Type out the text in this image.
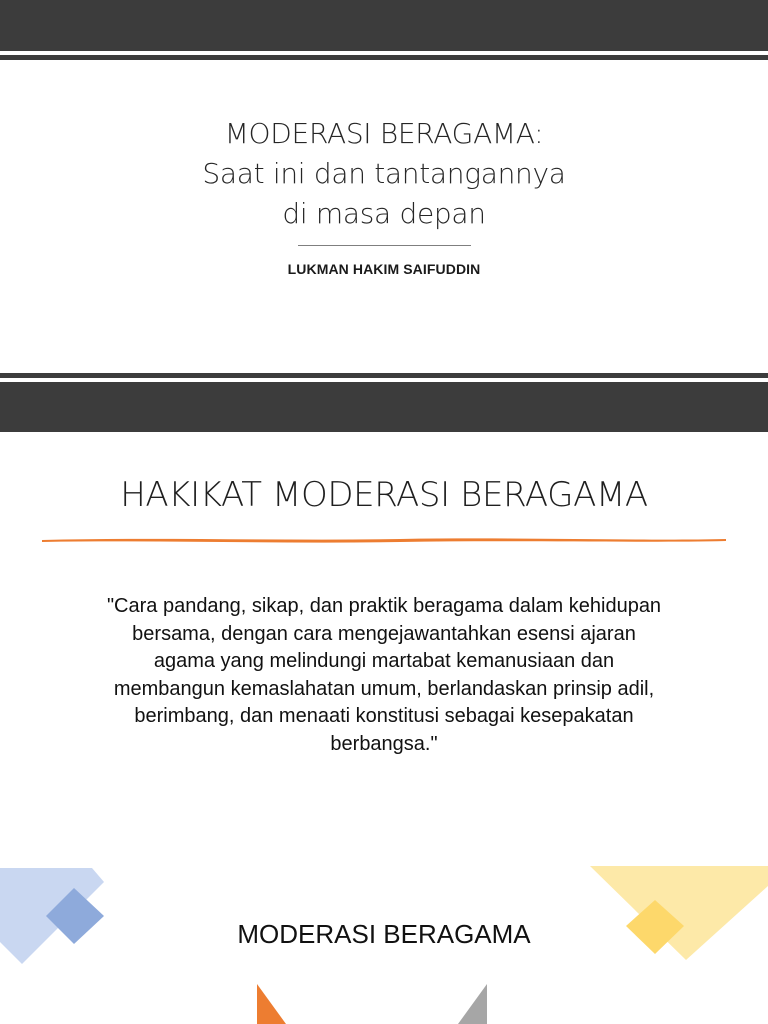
MODERASI BERAGAMA:
Saat ini dan tantangannya
di masa depan
LUKMAN HAKIM SAIFUDDIN
HAKIKAT MODERASI BERAGAMA
"Cara pandang, sikap, dan praktik beragama dalam kehidupan
bersama, dengan cara mengejawantahkan esensi ajaran
agama yang melindungi martabat kemanusiaan dan
membangun kemaslahatan umum, berlandaskan prinsip adil,
berimbang, dan menaati konstitusi sebagai kesepakatan
berbangsa."
MODERASI BERAGAMA
